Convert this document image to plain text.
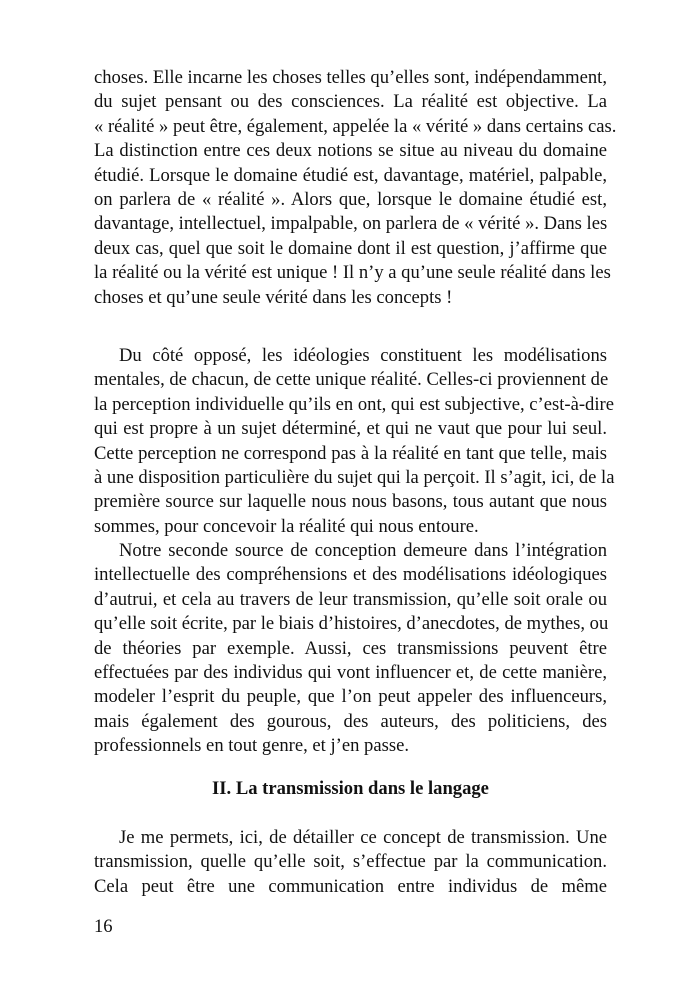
choses. Elle incarne les choses telles qu’elles sont, indépendamment,
du sujet pensant ou des consciences. La réalité est objective. La
« réalité » peut être, également, appelée la « vérité » dans certains cas.
La distinction entre ces deux notions se situe au niveau du domaine
étudié. Lorsque le domaine étudié est, davantage, matériel, palpable,
on parlera de « réalité ». Alors que, lorsque le domaine étudié est,
davantage, intellectuel, impalpable, on parlera de « vérité ». Dans les
deux cas, quel que soit le domaine dont il est question, j’affirme que
la réalité ou la vérité est unique ! Il n’y a qu’une seule réalité dans les
choses et qu’une seule vérité dans les concepts !
Du côté opposé, les idéologies constituent les modélisations
mentales, de chacun, de cette unique réalité. Celles-ci proviennent de
la perception individuelle qu’ils en ont, qui est subjective, c’est-à-dire
qui est propre à un sujet déterminé, et qui ne vaut que pour lui seul.
Cette perception ne correspond pas à la réalité en tant que telle, mais
à une disposition particulière du sujet qui la perçoit. Il s’agit, ici, de la
première source sur laquelle nous nous basons, tous autant que nous
sommes, pour concevoir la réalité qui nous entoure.
Notre seconde source de conception demeure dans l’intégration
intellectuelle des compréhensions et des modélisations idéologiques
d’autrui, et cela au travers de leur transmission, qu’elle soit orale ou
qu’elle soit écrite, par le biais d’histoires, d’anecdotes, de mythes, ou
de théories par exemple. Aussi, ces transmissions peuvent être
effectuées par des individus qui vont influencer et, de cette manière,
modeler l’esprit du peuple, que l’on peut appeler des influenceurs,
mais également des gourous, des auteurs, des politiciens, des
professionnels en tout genre, et j’en passe.
II. La transmission dans le langage
Je me permets, ici, de détailler ce concept de transmission. Une
transmission, quelle qu’elle soit, s’effectue par la communication.
Cela peut être une communication entre individus de même
16
